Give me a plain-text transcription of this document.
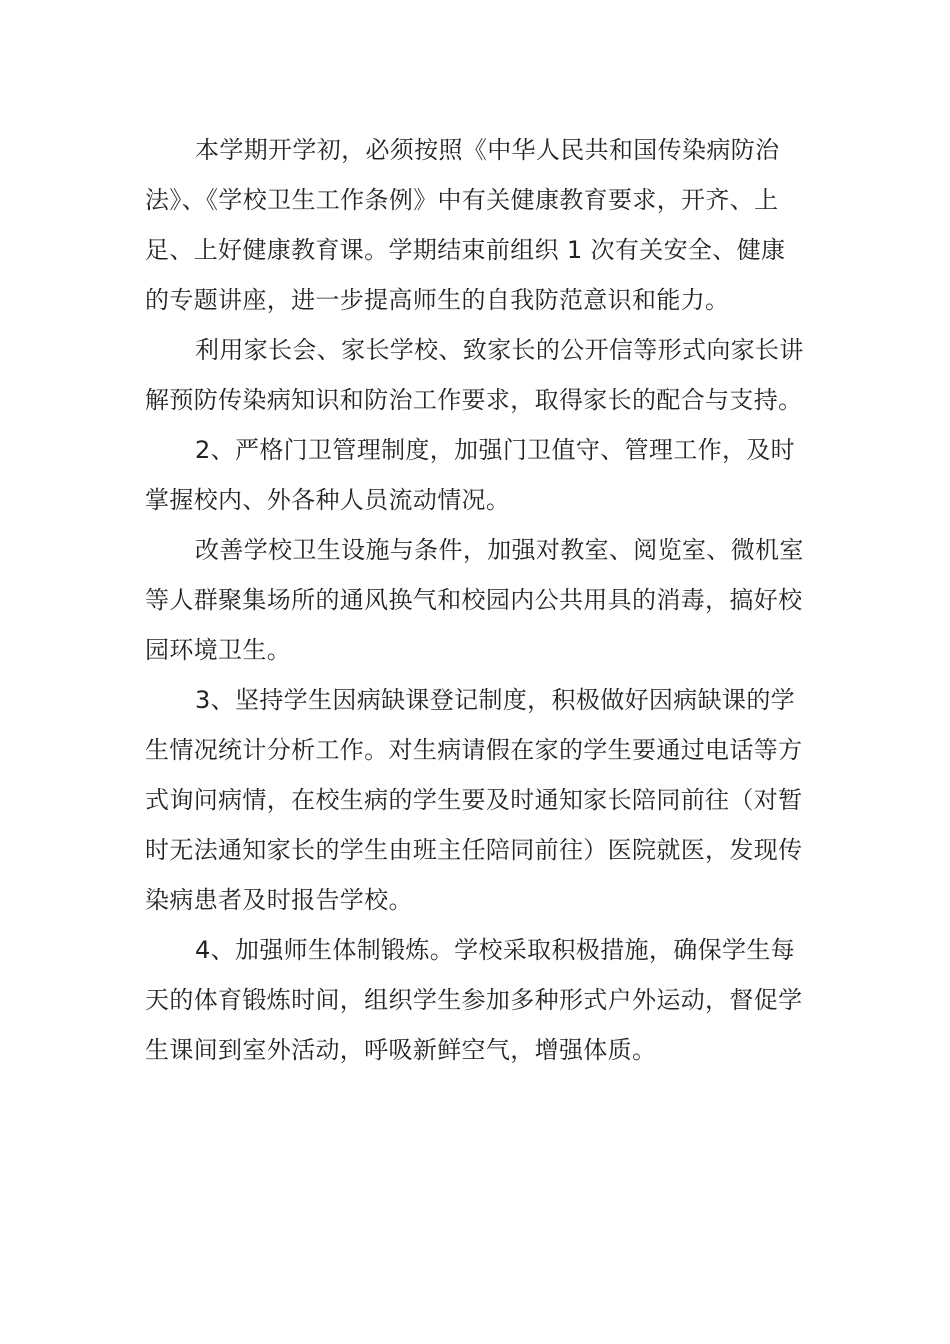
本学期开学初，必须按照《中华人民共和国传染病防治法》、《学校卫生工作条例》中有关健康教育要求，开齐、上足、上好健康教育课。学期结束前组织 1 次有关安全、健康的专题讲座，进一步提高师生的自我防范意识和能力。

利用家长会、家长学校、致家长的公开信等形式向家长讲解预防传染病知识和防治工作要求，取得家长的配合与支持。

2、严格门卫管理制度，加强门卫值守、管理工作，及时掌握校内、外各种人员流动情况。

改善学校卫生设施与条件，加强对教室、阅览室、微机室等人群聚集场所的通风换气和校园内公共用具的消毒，搞好校园环境卫生。

3、坚持学生因病缺课登记制度，积极做好因病缺课的学生情况统计分析工作。对生病请假在家的学生要通过电话等方式询问病情，在校生病的学生要及时通知家长陪同前往（对暂时无法通知家长的学生由班主任陪同前往）医院就医，发现传染病患者及时报告学校。

4、加强师生体制锻炼。学校采取积极措施，确保学生每天的体育锻炼时间，组织学生参加多种形式户外运动，督促学生课间到室外活动，呼吸新鲜空气，增强体质。
